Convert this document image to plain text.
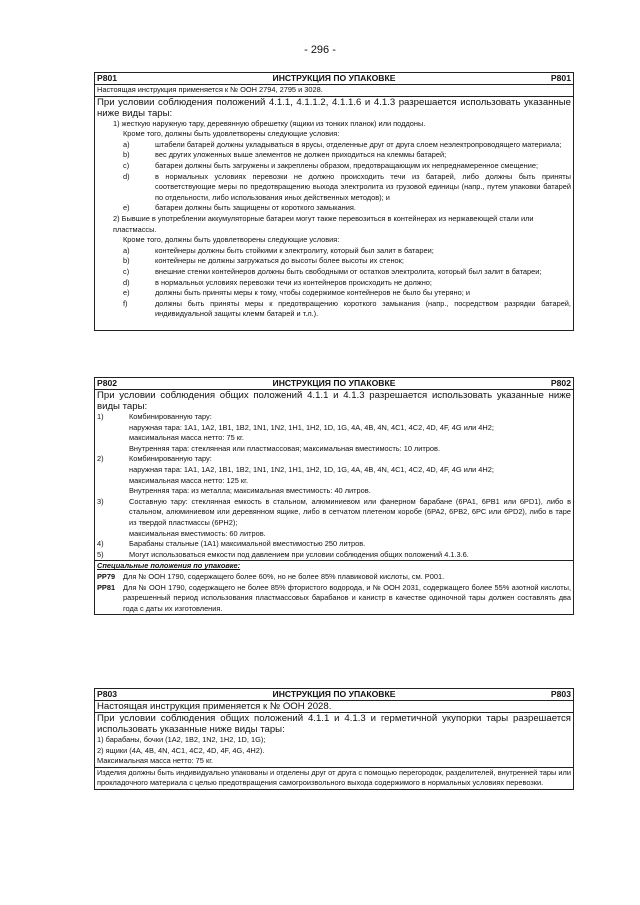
- 296 -
P801	ИНСТРУКЦИЯ ПО УПАКОВКЕ	P801
Настоящая инструкция применяется к № ООН 2794, 2795 и 3028.
При условии соблюдения положений 4.1.1, 4.1.1.2, 4.1.1.6 и 4.1.3 разрешается использовать указанные ниже виды тары:
1) жесткую наружную тару, деревянную обрешетку (ящики из тонких планок) или поддоны.
Кроме того, должны быть удовлетворены следующие условия:
a)	штабели батарей должны укладываться в ярусы, отделенные друг от друга слоем неэлектропроводящего материала;
b)	вес других уложенных выше элементов не должен приходиться на клеммы батарей;
c)	батареи должны быть загружены и закреплены образом, предотвращающим их непреднамеренное смещение;
d)	в нормальных условиях перевозки не должно происходить течи из батарей, либо должны быть приняты соответствующие меры по предотвращению выхода электролита из грузовой единицы (напр., путем упаковки батарей по отдельности, либо использования иных действенных методов); и
e)	батареи должны быть защищены от короткого замыкания.
2) Бывшие в употреблении аккумуляторные батареи могут также перевозиться в контейнерах из нержавеющей стали или пластмассы.
Кроме того, должны быть удовлетворены следующие условия:
a)	контейнеры должны быть стойкими к электролиту, который был залит в батареи;
b)	контейнеры не должны загружаться до высоты более высоты их стенок;
c)	внешние стенки контейнеров должны быть свободными от остатков электролита, который был залит в батареи;
d)	в нормальных условиях перевозки течи из контейнеров происходить не должно;
e)	должны быть приняты меры к тому, чтобы содержимое контейнеров не было бы утеряно; и
f)	должны быть приняты меры к предотвращению короткого замыкания (напр., посредством разрядки батарей, индивидуальной защиты клемм батарей и т.л.).
P802	ИНСТРУКЦИЯ ПО УПАКОВКЕ	P802
При условии соблюдения общих положений 4.1.1 и 4.1.3 разрешается использовать указанные ниже виды тары:
1)	Комбинированную тару:
наружная тара: 1A1, 1A2, 1B1, 1B2, 1N1, 1N2, 1H1, 1H2, 1D, 1G, 4A, 4B, 4N, 4C1, 4C2, 4D, 4F, 4G или 4H2;
максимальная масса нетто: 75 кг.
Внутренняя тара: стеклянная или пластмассовая; максимальная вместимость: 10 литров.
2)	Комбинированную тару:
наружная тара: 1A1, 1A2, 1B1, 1B2, 1N1, 1N2, 1H1, 1H2, 1D, 1G, 4A, 4B, 4N, 4C1, 4C2, 4D, 4F, 4G или 4H2;
максимальная масса нетто: 125 кг.
Внутренняя тара: из металла; максимальная вместимость: 40 литров.
3)	Составную тару: стеклянная емкость в стальном, алюминиевом или фанерном барабане (6PA1, 6PB1 или 6PD1), либо в стальном, алюминиевом или деревянном ящике, либо в сетчатом плетеном коробе (6PA2, 6PB2, 6PC или 6PD2), либо в таре из твердой пластмассы (6PH2);
максимальная вместимость: 60 литров.
4)	Барабаны стальные (1A1) максимальной вместимостью 250 литров.
5)	Могут использоваться емкости под давлением при условии соблюдения общих положений 4.1.3.6.
Специальные положения по упаковке:
PP79	Для № ООН 1790, содержащего более 60%, но не более 85% плавиковой кислоты, см. Р001.
PP81	Для № ООН 1790, содержащего не более 85% фтористого водорода, и № ООН 2031, содержащего более 55% азотной кислоты, разрешенный период использования пластмассовых барабанов и канистр в качестве одиночной тары должен составлять два года с даты их изготовления.
P803	ИНСТРУКЦИЯ ПО УПАКОВКЕ	P803
Настоящая инструкция применяется к № ООН 2028.
При условии соблюдения общих положений 4.1.1 и 4.1.3 и герметичной укупорки тары разрешается использовать указанные ниже виды тары:
1) барабаны, бочки (1A2, 1B2, 1N2, 1H2, 1D, 1G);
2) ящики (4A, 4B, 4N, 4C1, 4C2, 4D, 4F, 4G, 4H2).
Максимальная масса нетто: 75 кг.
Изделия должны быть индивидуально упакованы и отделены друг от друга с помощью перегородок, разделителей, внутренней тары или прокладочного материала с целью предотвращения самогроизвольного выхода содержимого в нормальных условиях перевозки.
